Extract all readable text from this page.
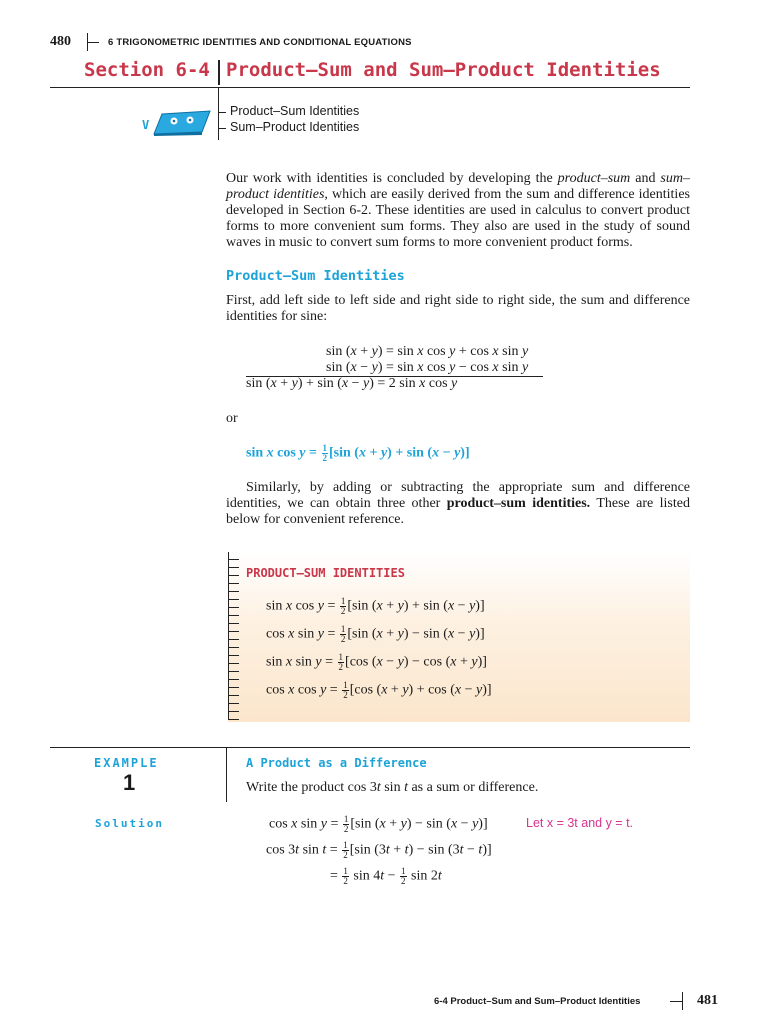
480	6 TRIGONOMETRIC IDENTITIES AND CONDITIONAL EQUATIONS
Section 6-4 Product–Sum and Sum–Product Identities
Product–Sum Identities
Sum–Product Identities
V
Our work with identities is concluded by developing the product–sum and sum–product identities, which are easily derived from the sum and difference identities developed in Section 6-2. These identities are used in calculus to convert product forms to more convenient sum forms. They also are used in the study of sound waves in music to convert sum forms to more convenient product forms.
Product–Sum Identities
First, add left side to left side and right side to right side, the sum and difference identities for sine:
sin (x + y) = sin x cos y + cos x sin y
sin (x − y) = sin x cos y − cos x sin y
sin (x + y) + sin (x − y) = 2 sin x cos y
or
sin x $\cos y = \frac{1}{2} [\sin$ (x + y) + sin (x − y)]
Similarly, by adding or subtracting the appropriate sum and difference identities, we can obtain three other product–sum identities. These are listed below for convenient reference.
PRODUCT–SUM IDENTITIES
sin x $\cos y = \frac{1}{2} [\sin$ (x + y) + sin (x − y)]
cos x $\sin y = \frac{1}{2} [\sin$ (x + y) − sin (x − y)]
sin x $\sin y = \frac{1}{2} [\cos$ (x − y) − cos (x + y)]
cos x $\cos y = \frac{1}{2} [\cos$ (x + y) + cos (x − y)]
EXAMPLE
1
A Product as a Difference
Write the product cos 3t sin t as a sum or difference.
Solution	cos x $\sin y = \frac{1}{2} [\sin$ (x + y) − sin (x − y)]	Let x = 3t and y = t.
cos 3t $\sin t = \frac{1}{2} [\sin$ (3t + t) − sin (3t − t)]
= $\frac{1}{2}$ $\sin 4t - \frac{1}{2}$ sin 2t
6-4 Product–Sum and Sum–Product Identities	481
